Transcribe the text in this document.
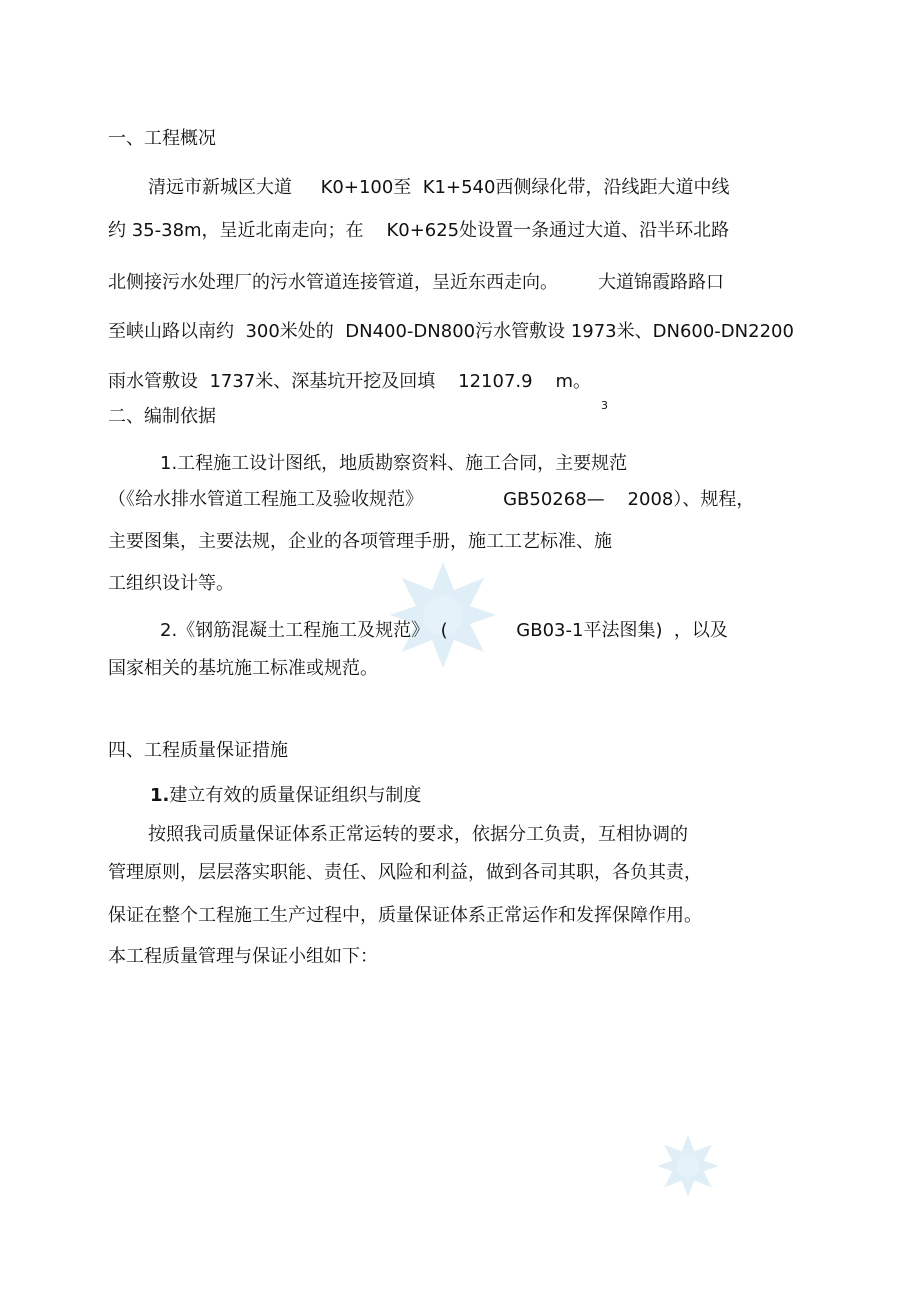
一、工程概况
清远市新城区大道     K0+100至  K1+540西侧绿化带，沿线距大道中线
约 35-38m，呈近北南走向；在    K0+625处设置一条通过大道、沿半环北路
北侧接污水处理厂的污水管道连接管道，呈近东西走向。       大道锦霞路路口
至峡山路以南约  300米处的  DN400-DN800污水管敷设 1973米、DN600-DN2200
雨水管敷设  1737米、深基坑开挖及回填    12107.9    m。
3
二、编制依据
1.工程施工设计图纸，地质勘察资料、施工合同，主要规范
（《给水排水管道工程施工及验收规范》              GB50268—    2008）、规程，
主要图集，主要法规，企业的各项管理手册，施工工艺标准、施
工组织设计等。
2.《钢筋混凝土工程施工及规范》  (            GB03-1平法图集)  ，以及
国家相关的基坑施工标准或规范。
四、工程质量保证措施
1.建立有效的质量保证组织与制度
按照我司质量保证体系正常运转的要求，依据分工负责，互相协调的
管理原则，层层落实职能、责任、风险和利益，做到各司其职，各负其责，
保证在整个工程施工生产过程中，质量保证体系正常运作和发挥保障作用。
本工程质量管理与保证小组如下：
